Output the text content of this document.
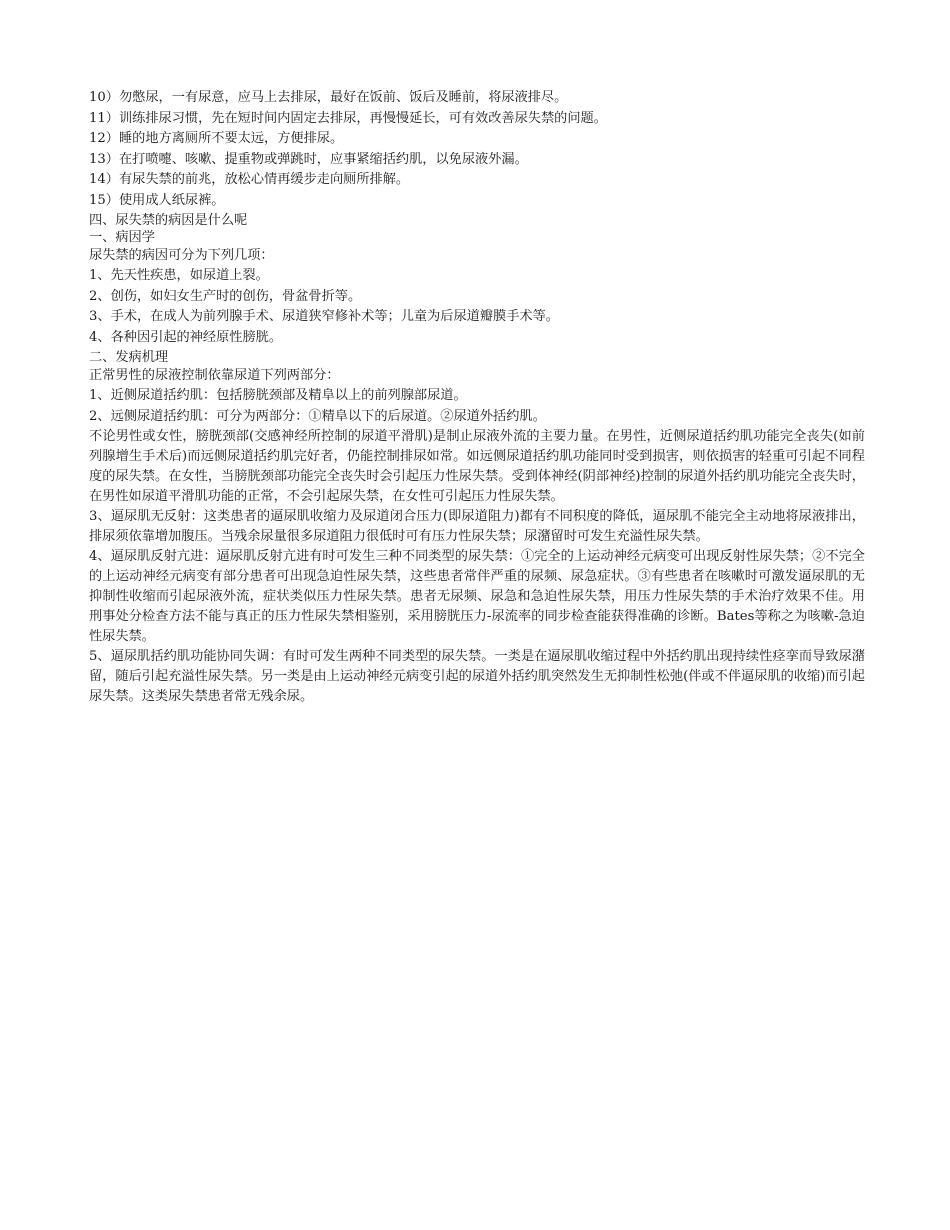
10）勿憋尿，一有尿意，应马上去排尿，最好在饭前、饭后及睡前，将尿液排尽。

11）训练排尿习惯，先在短时间内固定去排尿，再慢慢延长，可有效改善尿失禁的问题。

12）睡的地方离厕所不要太远，方便排尿。

13）在打喷嚏、咳嗽、提重物或弹跳时，应事紧缩括约肌，以免尿液外漏。

14）有尿失禁的前兆，放松心情再缓步走向厕所排解。

15）使用成人纸尿裤。

四、尿失禁的病因是什么呢

一、病因学

尿失禁的病因可分为下列几项：

1、先天性疾患，如尿道上裂。

2、创伤，如妇女生产时的创伤，骨盆骨折等。

3、手术，在成人为前列腺手术、尿道狭窄修补术等；儿童为后尿道瓣膜手术等。

4、各种因引起的神经原性膀胱。

二、发病机理

正常男性的尿液控制依靠尿道下列两部分：

1、近侧尿道括约肌：包括膀胱颈部及精阜以上的前列腺部尿道。

2、远侧尿道括约肌：可分为两部分：①精阜以下的后尿道。②尿道外括约肌。

不论男性或女性，膀胱颈部(交感神经所控制的尿道平滑肌)是制止尿液外流的主要力量。在男性，近侧尿道括约肌功能完全丧失(如前列腺增生手术后)而远侧尿道括约肌完好者，仍能控制排尿如常。如远侧尿道括约肌功能同时受到损害，则依损害的轻重可引起不同程度的尿失禁。在女性，当膀胱颈部功能完全丧失时会引起压力性尿失禁。受到体神经(阴部神经)控制的尿道外括约肌功能完全丧失时，在男性如尿道平滑肌功能的正常，不会引起尿失禁，在女性可引起压力性尿失禁。

3、逼尿肌无反射：这类患者的逼尿肌收缩力及尿道闭合压力(即尿道阻力)都有不同积度的降低，逼尿肌不能完全主动地将尿液排出，排尿须依靠增加腹压。当残余尿量很多尿道阻力很低时可有压力性尿失禁；尿潴留时可发生充溢性尿失禁。

4、逼尿肌反射亢进：逼尿肌反射亢进有时可发生三种不同类型的尿失禁：①完全的上运动神经元病变可出现反射性尿失禁；②不完全的上运动神经元病变有部分患者可出现急迫性尿失禁，这些患者常伴严重的尿频、尿急症状。③有些患者在咳嗽时可激发逼尿肌的无抑制性收缩而引起尿液外流，症状类似压力性尿失禁。患者无尿频、尿急和急迫性尿失禁，用压力性尿失禁的手术治疗效果不佳。用刑事处分检查方法不能与真正的压力性尿失禁相鉴别，采用膀胱压力-尿流率的同步检查能获得准确的诊断。Bates等称之为咳嗽-急迫性尿失禁。

5、逼尿肌括约肌功能协同失调：有时可发生两种不同类型的尿失禁。一类是在逼尿肌收缩过程中外括约肌出现持续性痉挛而导致尿潴留，随后引起充溢性尿失禁。另一类是由上运动神经元病变引起的尿道外括约肌突然发生无抑制性松弛(伴或不伴逼尿肌的收缩)而引起尿失禁。这类尿失禁患者常无残余尿。
